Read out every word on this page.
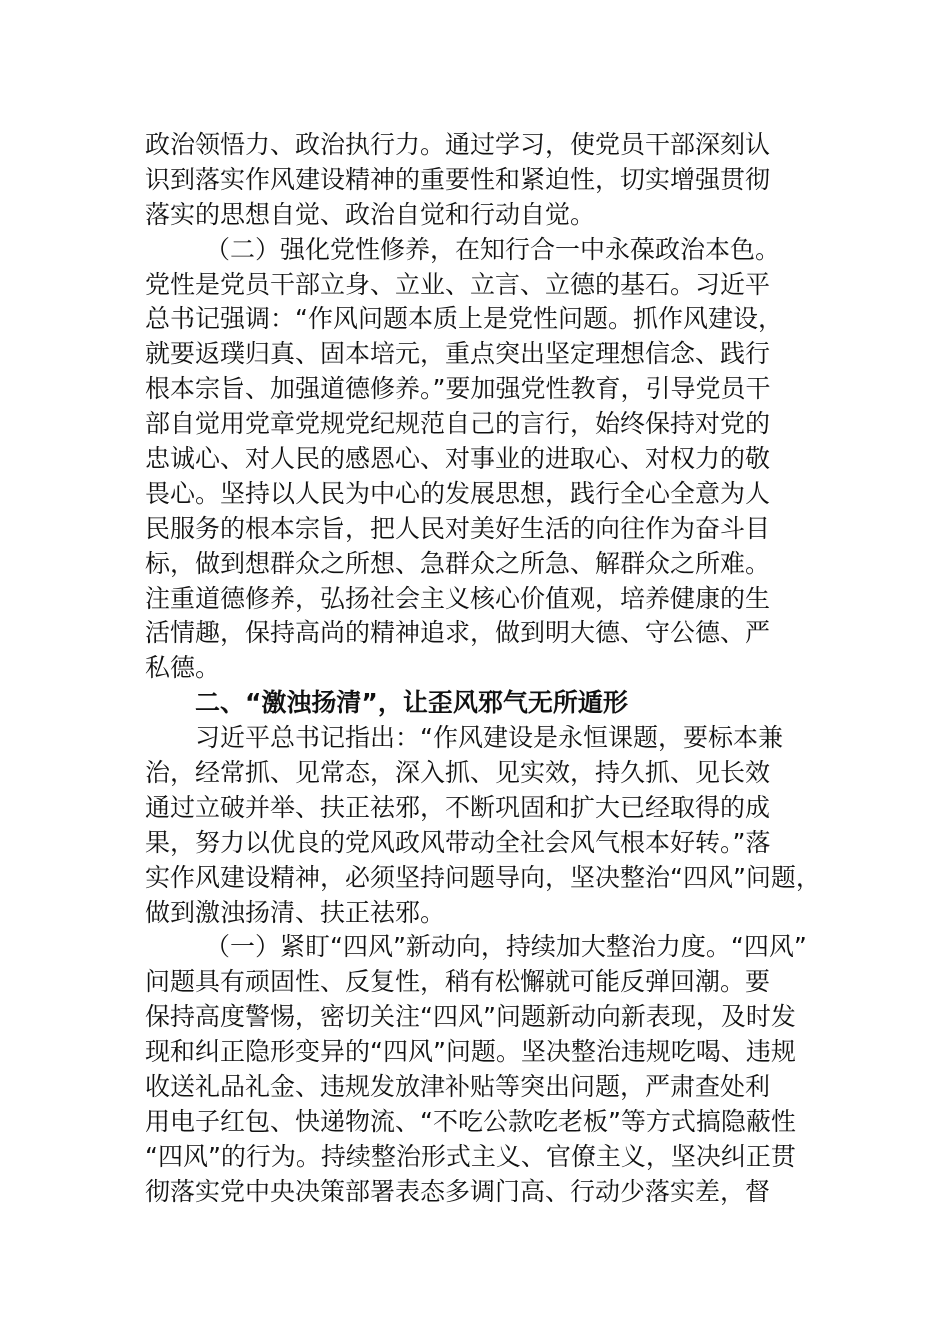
政治领悟力、政治执行力。通过学习，使党员干部深刻认
识到落实作风建设精神的重要性和紧迫性，切实增强贯彻
落实的思想自觉、政治自觉和行动自觉。
（二）强化党性修养，在知行合一中永葆政治本色。
党性是党员干部立身、立业、立言、立德的基石。习近平
总书记强调：“作风问题本质上是党性问题。抓作风建设，
就要返璞归真、固本培元，重点突出坚定理想信念、践行
根本宗旨、加强道德修养。”要加强党性教育，引导党员干
部自觉用党章党规党纪规范自己的言行，始终保持对党的
忠诚心、对人民的感恩心、对事业的进取心、对权力的敬
畏心。坚持以人民为中心的发展思想，践行全心全意为人
民服务的根本宗旨，把人民对美好生活的向往作为奋斗目
标，做到想群众之所想、急群众之所急、解群众之所难。
注重道德修养，弘扬社会主义核心价值观，培养健康的生
活情趣，保持高尚的精神追求，做到明大德、守公德、严
私德。
二、“激浊扬清”，让歪风邪气无所遁形
习近平总书记指出：“作风建设是永恒课题，要标本兼
治，经常抓、见常态，深入抓、见实效，持久抓、见长效
通过立破并举、扶正祛邪，不断巩固和扩大已经取得的成
果，努力以优良的党风政风带动全社会风气根本好转。”落
实作风建设精神，必须坚持问题导向，坚决整治“四风”问题，
做到激浊扬清、扶正祛邪。
（一）紧盯“四风”新动向，持续加大整治力度。“四风”
问题具有顽固性、反复性，稍有松懈就可能反弹回潮。要
保持高度警惕，密切关注“四风”问题新动向新表现，及时发
现和纠正隐形变异的“四风”问题。坚决整治违规吃喝、违规
收送礼品礼金、违规发放津补贴等突出问题，严肃查处利
用电子红包、快递物流、“不吃公款吃老板”等方式搞隐蔽性
“四风”的行为。持续整治形式主义、官僚主义，坚决纠正贯
彻落实党中央决策部署表态多调门高、行动少落实差，督
